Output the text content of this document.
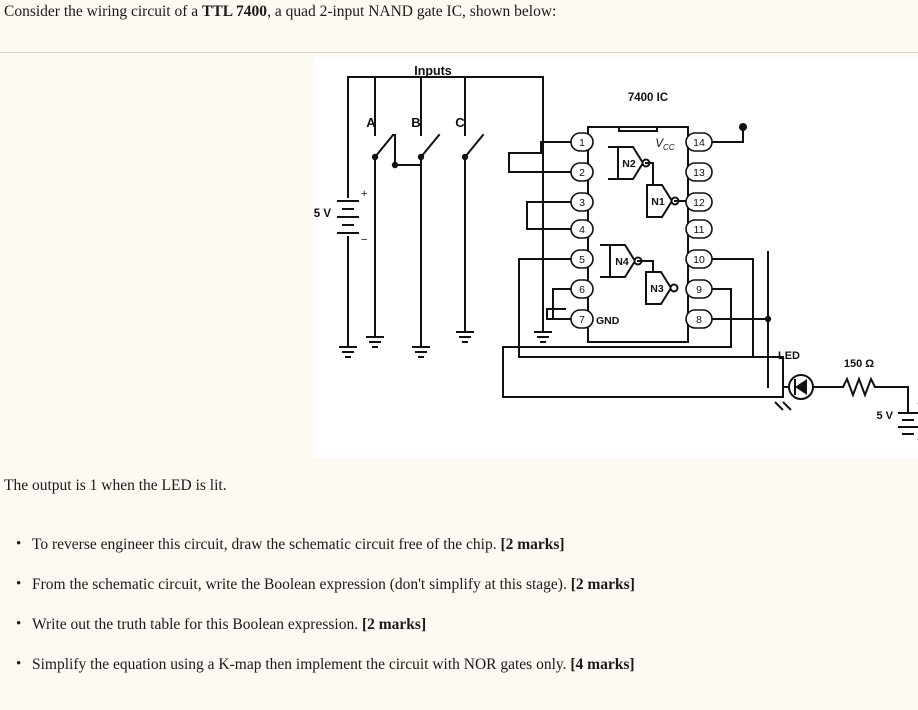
Consider the wiring circuit of a TTL 7400, a quad 2-input NAND gate IC, shown below:
1
2
3
4
5
6
7
14
13
12
11
10
9
8
Inputs
7400 IC
A	B	C
5 V
+
−
$V_{CC}$
GND
N2
N1
N4
N3
LED
150 Ω
5 V
The output is 1 when the LED is lit.
• To reverse engineer this circuit, draw the schematic circuit free of the chip. [2 marks]
• From the schematic circuit, write the Boolean expression (don't simplify at this stage). [2 marks]
• Write out the truth table for this Boolean expression. [2 marks]
• Simplify the equation using a K-map then implement the circuit with NOR gates only. [4 marks]
